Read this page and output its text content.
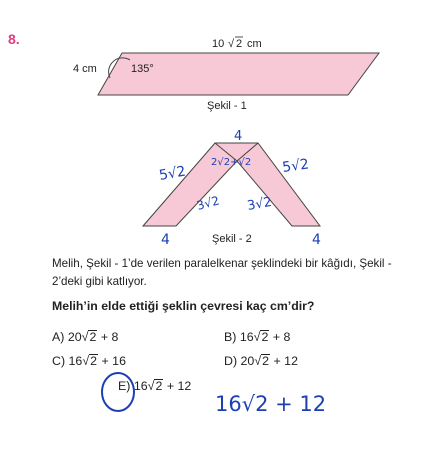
8.	10 √ 2 cm
4 cm	135°
4
2√2+√2
5√2	5√2
3√2 3√2
4	4
16√2 + 12
Şekil - 1
Şekil - 2
Melih, Şekil - 1’de verilen paralelkenar şeklindeki bir kâğıdı, Şekil - 2’deki gibi katlıyor.
Melih’in elde ettiği şeklin çevresi kaç cm’dir?
A) 20√2 + 8	B) 16√2 + 8
C) 16√2 + 16	D) 20√2 + 12
E) 16√2 + 12
